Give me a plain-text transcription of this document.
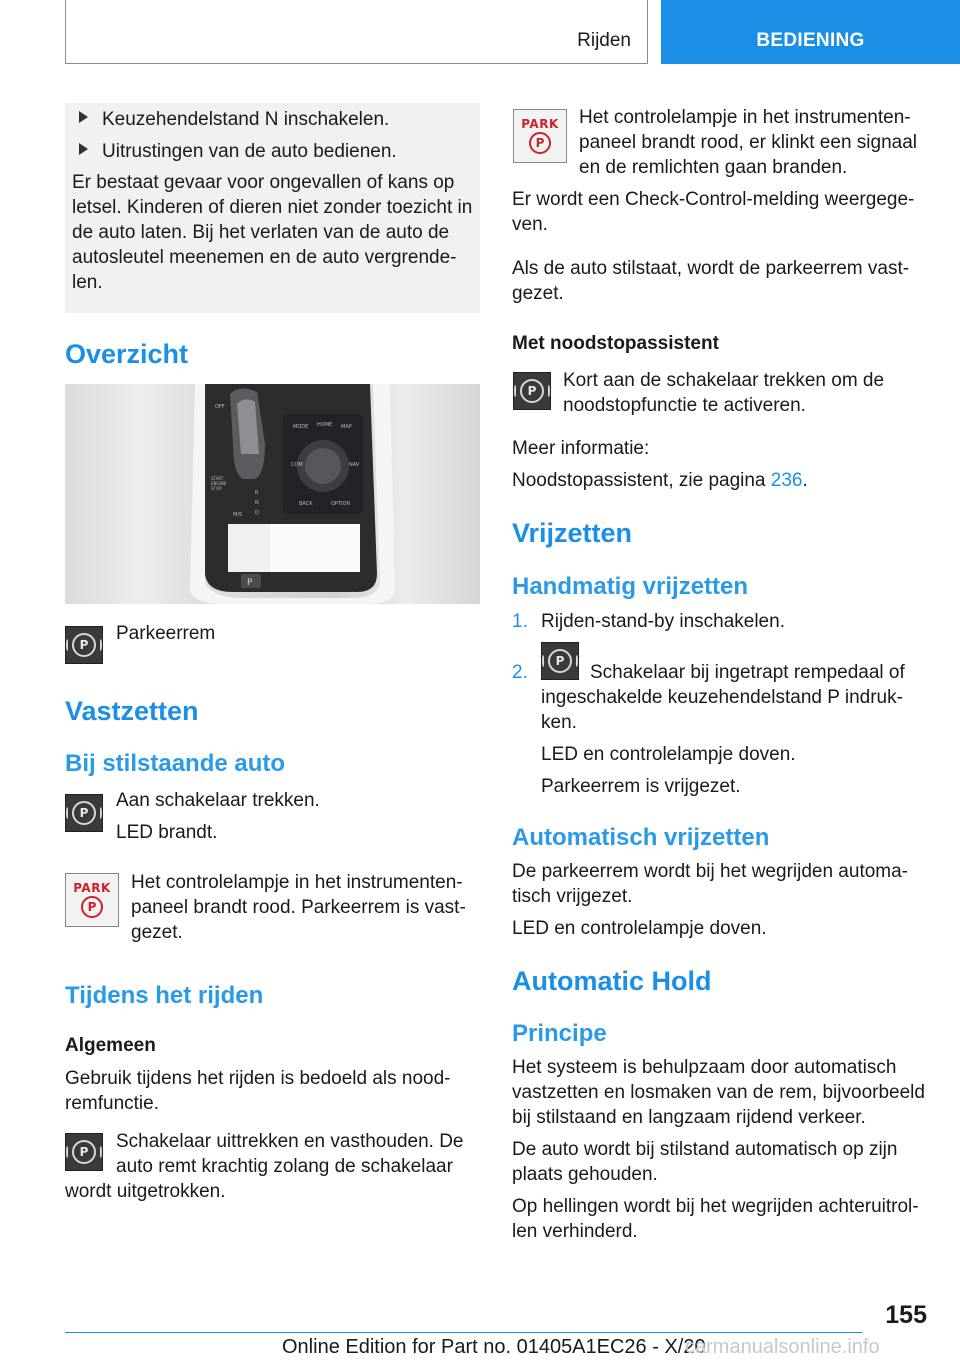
Rijden	BEDIENING

Keuzehendelstand N inschakelen.

Uitrustingen van de auto bedienen.

Er bestaat gevaar voor ongevallen of kans op
letsel. Kinderen of dieren niet zonder toezicht in
de auto laten. Bij het verlaten van de auto de
autosleutel meenemen en de auto vergrende-
len.

Overzicht
P
OFF
MODE HOME MAP
COM	NAV
BACK	OPTION
START
ENGINE
STOP
M/S
R
N
D
P

Parkeerrem

Vastzetten
Bij stilstaande auto
P

Aan schakelaar trekken.
LED brandt.

PARK
P

Het controlelampje in het instrumenten-
paneel brandt rood. Parkeerrem is vast-
gezet.

Tijdens het rijden
Algemeen

Gebruik tijdens het rijden is bedoeld als nood-
remfunctie.

P	Schakelaar uittrekken en vasthouden. De

auto remt krachtig zolang de schakelaar

wordt uitgetrokken.

PARK
P

Het controlelampje in het instrumenten-
paneel brandt rood, er klinkt een signaal
en de remlichten gaan branden.

Er wordt een Check-Control-melding weergege-
ven.

Als de auto stilstaat, wordt de parkeerrem vast-
gezet.

Met noodstopassistent
P	Kort aan de schakelaar trekken om de
noodstopfunctie te activeren.

Meer informatie:

Noodstopassistent, zie pagina 236.

Vrijzetten
Handmatig vrijzetten
1. Rijden-stand-by inschakelen.

2.
P

Schakelaar bij ingetrapt rempedaal of

ingeschakelde keuzehendelstand P indruk-
ken.

LED en controlelampje doven.

Parkeerrem is vrijgezet.

Automatisch vrijzetten

De parkeerrem wordt bij het wegrijden automa-
tisch vrijgezet.

LED en controlelampje doven.

Automatic Hold
Principe

Het systeem is behulpzaam door automatisch
vastzetten en losmaken van de rem, bijvoorbeeld
bij stilstaand en langzaam rijdend verkeer.

De auto wordt bij stilstand automatisch op zijn
plaats gehouden.

Op hellingen wordt bij het wegrijden achteruitrol-
len verhinderd.

155
Online Edition for Part no. 01405A1EC26 - X/20
carmanualsonline.info
